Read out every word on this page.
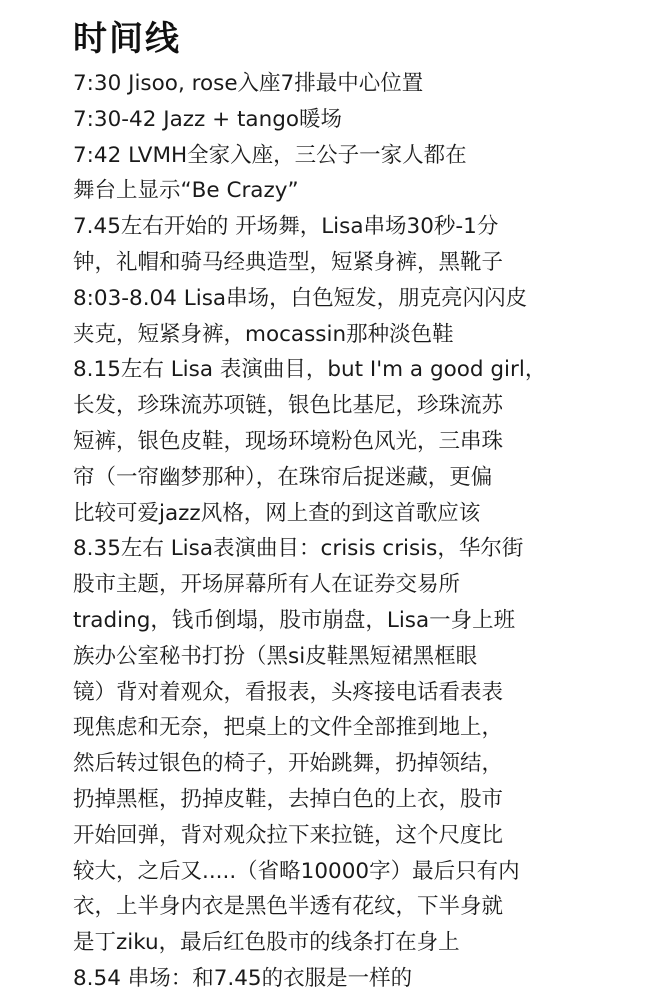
时间线
7:30 Jisoo, rose入座7排最中心位置
7:30-42 Jazz + tango暖场
7:42 LVMH全家入座，三公子一家人都在
舞台上显示“Be Crazy”
7.45左右开始的 开场舞，Lisa串场30秒-1分
钟，礼帽和骑马经典造型，短紧身裤，黑靴子
8:03-8.04 Lisa串场，白色短发，朋克亮闪闪皮
夹克，短紧身裤，mocassin那种淡色鞋
8.15左右 Lisa 表演曲目，but I'm a good girl，
长发，珍珠流苏项链，银色比基尼，珍珠流苏
短裤，银色皮鞋，现场环境粉色风光，三串珠
帘（一帘幽梦那种），在珠帘后捉迷藏，更偏
比较可爱jazz风格，网上查的到这首歌应该
8.35左右 Lisa表演曲目：crisis crisis，华尔街
股市主题，开场屏幕所有人在证券交易所
trading，钱币倒塌，股市崩盘，Lisa一身上班
族办公室秘书打扮（黑si皮鞋黑短裙黑框眼
镜）背对着观众，看报表，头疼接电话看表表
现焦虑和无奈，把桌上的文件全部推到地上，
然后转过银色的椅子，开始跳舞，扔掉领结，
扔掉黑框，扔掉皮鞋，去掉白色的上衣，股市
开始回弹，背对观众拉下来拉链，这个尺度比
较大，之后又.....（省略10000字）最后只有内
衣，上半身内衣是黑色半透有花纹，下半身就
是丁ziku，最后红色股市的线条打在身上
8.54 串场：和7.45的衣服是一样的
